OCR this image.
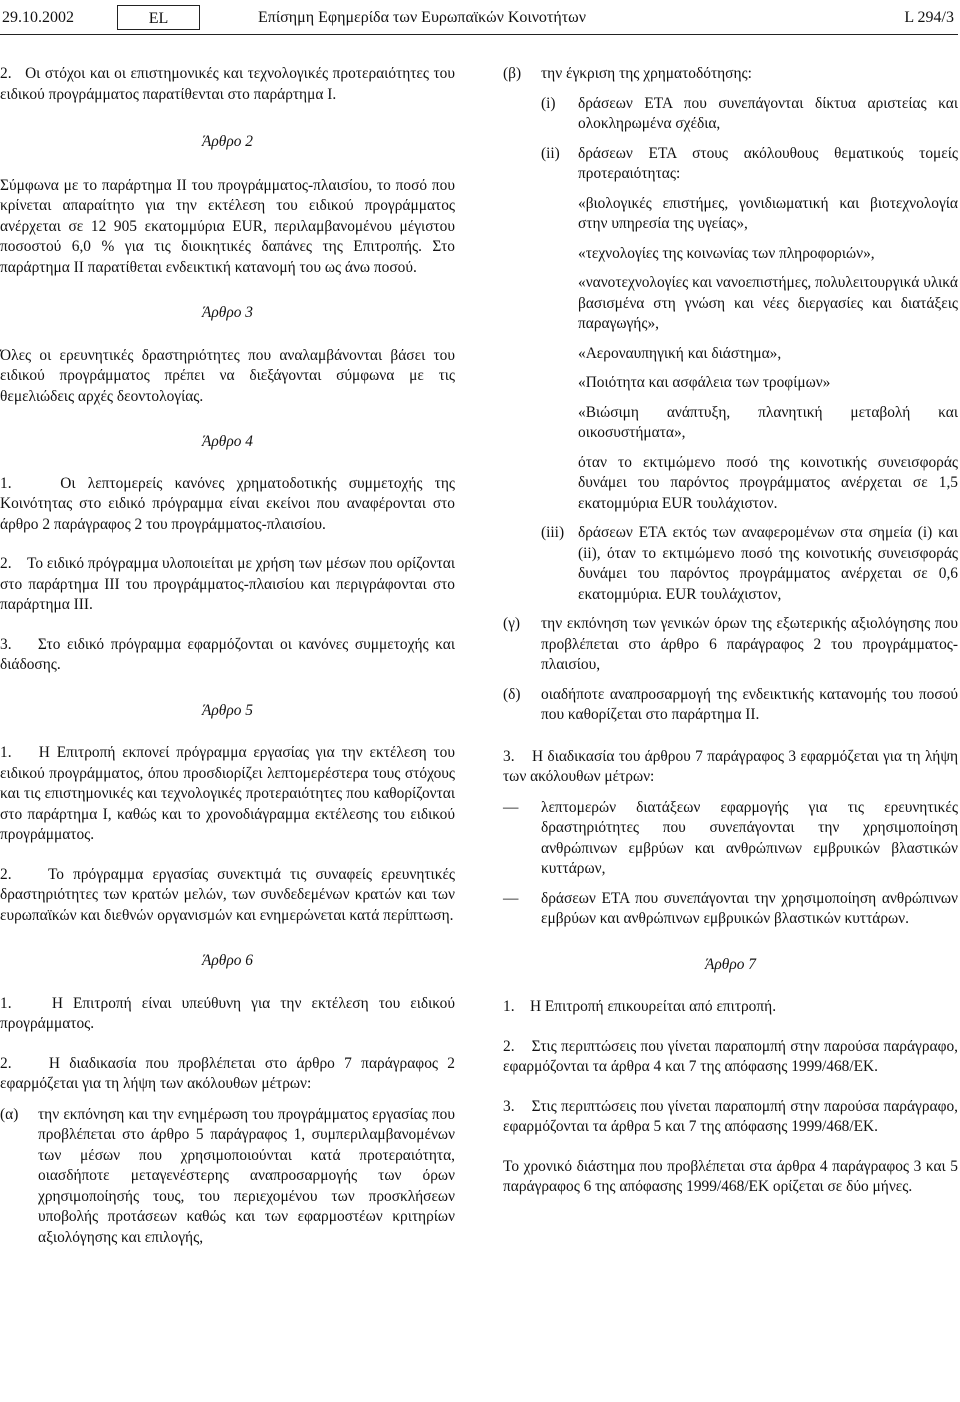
29.10.2002	EL	Επίσημη Εφημερίδα των Ευρωπαϊκών Κοινοτήτων	L 294/3

2. Οι στόχοι και οι επιστημονικές και τεχνολογικές προτεραιότητες του ειδικού προγράμματος παρατίθενται στο παράρτημα Ι.

Άρθρο 2

Σύμφωνα με το παράρτημα ΙΙ του προγράμματος-πλαισίου, το ποσό που κρίνεται απαραίτητο για την εκτέλεση του ειδικού προγράμματος ανέρχεται σε 12 905 εκατομμύρια EUR, περιλαμβανομένου μέγιστου ποσοστού 6,0 % για τις διοικητικές δαπάνες της Επιτροπής. Στο παράρτημα ΙΙ παρατίθεται ενδεικτική κατανομή του ως άνω ποσού.

Άρθρο 3

Όλες οι ερευνητικές δραστηριότητες που αναλαμβάνονται βάσει του ειδικού προγράμματος πρέπει να διεξάγονται σύμφωνα με τις θεμελιώδεις αρχές δεοντολογίας.

Άρθρο 4

1.	Οι λεπτομερείς κανόνες χρηματοδοτικής συμμετοχής της Κοινότητας στο ειδικό πρόγραμμα είναι εκείνοι που αναφέρονται στο άρθρο 2 παράγραφος 2 του προγράμματος-πλαισίου.

2. Το ειδικό πρόγραμμα υλοποιείται με χρήση των μέσων που ορίζονται στο παράρτημα ΙΙΙ του προγράμματος-πλαισίου και περιγράφονται στο παράρτημα ΙΙΙ.

3. Στο ειδικό πρόγραμμα εφαρμόζονται οι κανόνες συμμετοχής και διάδοσης.

Άρθρο 5

1. Η Επιτροπή εκπονεί πρόγραμμα εργασίας για την εκτέλεση του ειδικού προγράμματος, όπου προσδιορίζει λεπτομερέστερα τους στόχους και τις επιστημονικές και τεχνολογικές προτεραιότητες που καθορίζονται στο παράρτημα Ι, καθώς και το χρονοδιάγραμμα εκτέλεσης του ειδικού προγράμματος.

2. Το πρόγραμμα εργασίας συνεκτιμά τις συναφείς ερευνητικές δραστηριότητες των κρατών μελών, των συνδεδεμένων κρατών και των ευρωπαϊκών και διεθνών οργανισμών και ενημερώνεται κατά περίπτωση.

Άρθρο 6

1.	Η Επιτροπή είναι υπεύθυνη για την εκτέλεση του ειδικού προγράμματος.

2. Η διαδικασία που προβλέπεται στο άρθρο 7 παράγραφος 2 εφαρμόζεται για τη λήψη των ακόλουθων μέτρων:

(α)	την εκπόνηση και την ενημέρωση του προγράμματος εργασίας που προβλέπεται στο άρθρο 5 παράγραφος 1, συμπεριλαμβανομένων των μέσων που χρησιμοποιούνται κατά προτεραιότητα, οιασδήποτε μεταγενέστερης αναπροσαρμογής των όρων χρησιμοποίησής τους, του περιεχομένου των προσκλήσεων υποβολής προτάσεων καθώς και των εφαρμοστέων κριτηρίων αξιολόγησης και επιλογής,
(β)	την έγκριση της χρηματοδότησης:
(i)	δράσεων ΕΤΑ που συνεπάγονται δίκτυα αριστείας και ολοκληρωμένα σχέδια,
(ii)	δράσεων ΕΤΑ στους ακόλουθους θεματικούς τομείς προτεραιότητας:

«βιολογικές επιστήμες, γονιδιωματική και βιοτεχνολογία στην υπηρεσία της υγείας»,

«τεχνολογίες της κοινωνίας των πληροφοριών»,

«νανοτεχνολογίες και νανοεπιστήμες, πολυλειτουργικά υλικά βασισμένα στη γνώση και νέες διεργασίες και διατάξεις παραγωγής»,

«Αεροναυπηγική και διάστημα»,

«Ποιότητα και ασφάλεια των τροφίμων»

«Βιώσιμη ανάπτυξη, πλανητική μεταβολή και οικοσυστήματα»,

όταν το εκτιμώμενο ποσό της κοινοτικής συνεισφοράς δυνάμει του παρόντος προγράμματος ανέρχεται σε 1,5 εκατομμύρια EUR τουλάχιστον.

(iii) δράσεων ΕΤΑ εκτός των αναφερομένων στα σημεία (i) και (ii), όταν το εκτιμώμενο ποσό της κοινοτικής συνεισφοράς δυνάμει του παρόντος προγράμματος ανέρχεται σε 0,6 εκατομμύρια. EUR τουλάχιστον,
(γ)	την εκπόνηση των γενικών όρων της εξωτερικής αξιολόγησης που προβλέπεται στο άρθρο 6 παράγραφος 2 του προγράμματος-πλαισίου,
(δ)	οιαδήποτε αναπροσαρμογή της ενδεικτικής κατανομής του ποσού που καθορίζεται στο παράρτημα ΙΙ.

3. Η διαδικασία του άρθρου 7 παράγραφος 3 εφαρμόζεται για τη λήψη των ακόλουθων μέτρων:

—	λεπτομερών διατάξεων εφαρμογής για τις ερευνητικές δραστηριότητες που συνεπάγονται την χρησιμοποίηση ανθρώπινων εμβρύων και ανθρώπινων εμβρυικών βλαστικών κυττάρων,
—	δράσεων ΕΤΑ που συνεπάγονται την χρησιμοποίηση ανθρώπινων εμβρύων και ανθρώπινων εμβρυικών βλαστικών κυττάρων.

Άρθρο 7

1. Η Επιτροπή επικουρείται από επιτροπή.

2. Στις περιπτώσεις που γίνεται παραπομπή στην παρούσα παράγραφο, εφαρμόζονται τα άρθρα 4 και 7 της απόφασης 1999/468/ΕΚ.

3. Στις περιπτώσεις που γίνεται παραπομπή στην παρούσα παράγραφο, εφαρμόζονται τα άρθρα 5 και 7 της απόφασης 1999/468/ΕΚ.

Το χρονικό διάστημα που προβλέπεται στα άρθρα 4 παράγραφος 3 και 5 παράγραφος 6 της απόφασης 1999/468/ΕΚ ορίζεται σε δύο μήνες.
